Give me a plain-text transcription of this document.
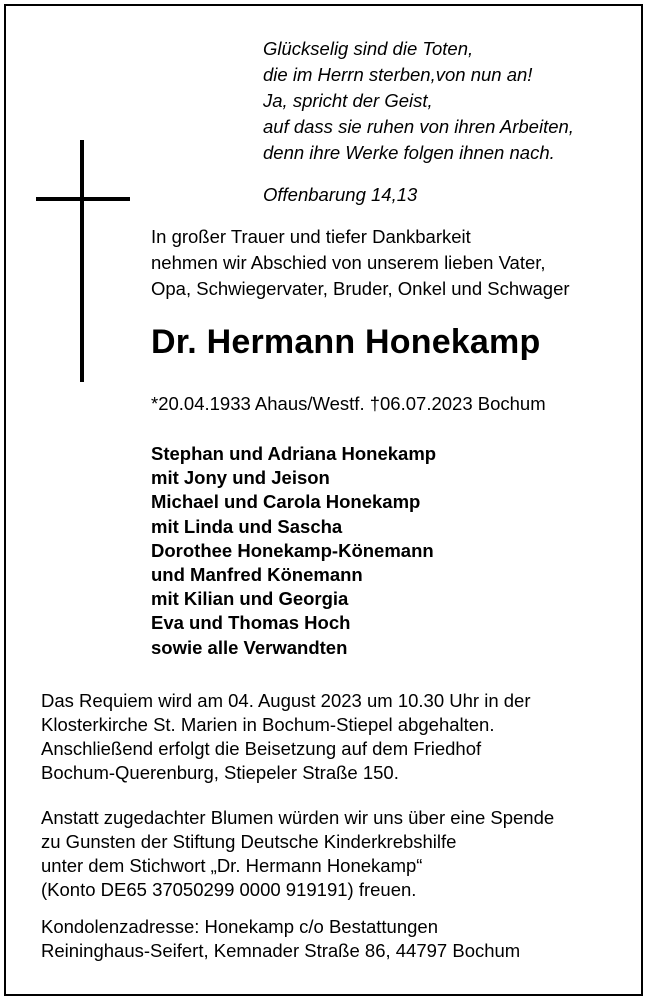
Glückselig sind die Toten,
die im Herrn sterben,von nun an!
Ja, spricht der Geist,
auf dass sie ruhen von ihren Arbeiten,
denn ihre Werke folgen ihnen nach.
Offenbarung 14,13
In großer Trauer und tiefer Dankbarkeit
nehmen wir Abschied von unserem lieben Vater,
Opa, Schwiegervater, Bruder, Onkel und Schwager
Dr. Hermann Honekamp
*20.04.1933 Ahaus/Westf. †06.07.2023 Bochum
Stephan und Adriana Honekamp
mit Jony und Jeison
Michael und Carola Honekamp
mit Linda und Sascha
Dorothee Honekamp-Könemann
und Manfred Könemann
mit Kilian und Georgia
Eva und Thomas Hoch
sowie alle Verwandten
Das Requiem wird am 04. August 2023 um 10.30 Uhr in der
Klosterkirche St. Marien in Bochum-Stiepel abgehalten.
Anschließend erfolgt die Beisetzung auf dem Friedhof
Bochum-Querenburg, Stiepeler Straße 150.
Anstatt zugedachter Blumen würden wir uns über eine Spende
zu Gunsten der Stiftung Deutsche Kinderkrebshilfe
unter dem Stichwort „Dr. Hermann Honekamp“
(Konto DE65 37050299 0000 919191) freuen.
Kondolenzadresse: Honekamp c/o Bestattungen
Reininghaus-Seifert, Kemnader Straße 86, 44797 Bochum
